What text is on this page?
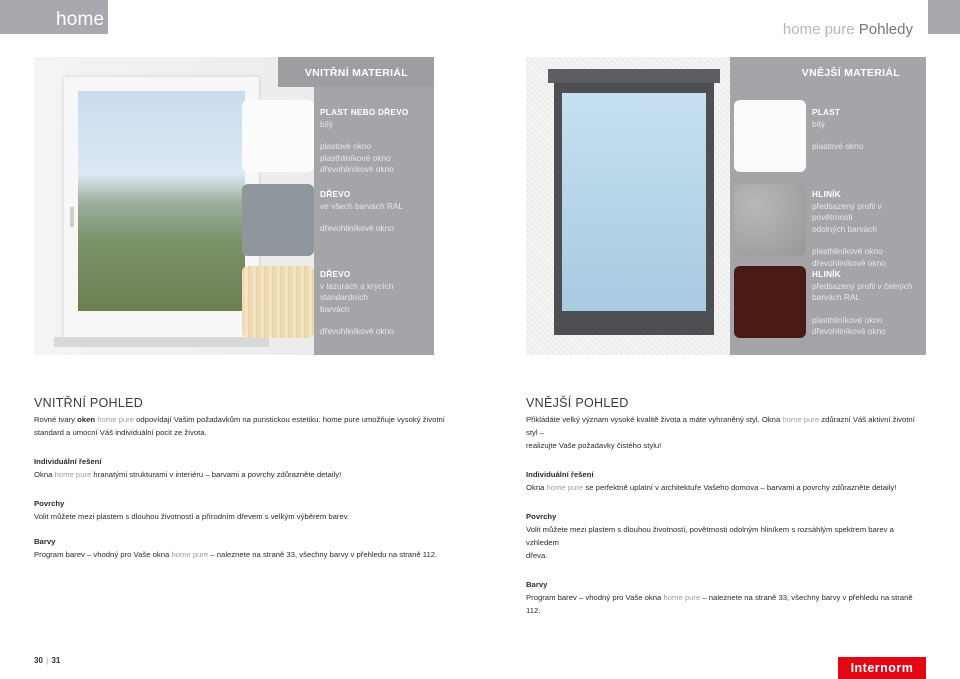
home	home pure Pohledy
VNITŘNÍ MATERIÁL
PLAST NEBO DŘEVO
bílý
plastové okno
plasthliníkové okno
dřevohliníkové okno
DŘEVO
ve všech barvách RAL
dřevohliníkové okno
DŘEVO
v lazurách a krycích standardních
barvách
dřevohliníkové okno
VNĚJŠÍ MATERIÁL
PLAST
bílý
plastové okno
HLINÍK
předsazený profil v povětrnosti
odolných barvách
plasthliníkové okno
dřevohliníkové okno
HLINÍK
předsazený profil v četných
barvách RAL
plasthliníkové okno
dřevohliníkové okno
VNITŘNÍ POHLED

Rovné tvary oken home pure odpovídají Vašim požadavkům na puristickou estetiku. home pure umožňuje vysoký životní

standard a umocní Váš individuální pocit ze života.

Individuální řešení

Okna home pure hranatými strukturami v interiéru – barvami a povrchy zdůrazněte detaily!

Povrchy

Volit můžete mezi plastem s dlouhou životností a přírodním dřevem s velkým výběrem barev.

Barvy

Program barev – vhodný pro Vaše okna home pure – naleznete na straně 33, všechny barvy v přehledu na straně 112.

VNĚJŠÍ POHLED

Přikládáte velký význam vysoké kvalitě života a máte vyhraněný styl. Okna home pure zdůrazní Váš aktivní životní styl –

realizujte Vaše požadavky čistého stylu!

Individuální řešení

Okna home pure se perfektně uplatní v architektuře Vašeho domova – barvami a povrchy zdůrazněte detaily!

Povrchy

Volit můžete mezi plastem s dlouhou životností, povětrnosti odolným hliníkem s rozsáhlým spektrem barev a vzhledem

dřeva.

Barvy

Program barev – vhodný pro Vaše okna home pure – naleznete na straně 33, všechny barvy v přehledu na straně 112.

30 | 31
Internorm
